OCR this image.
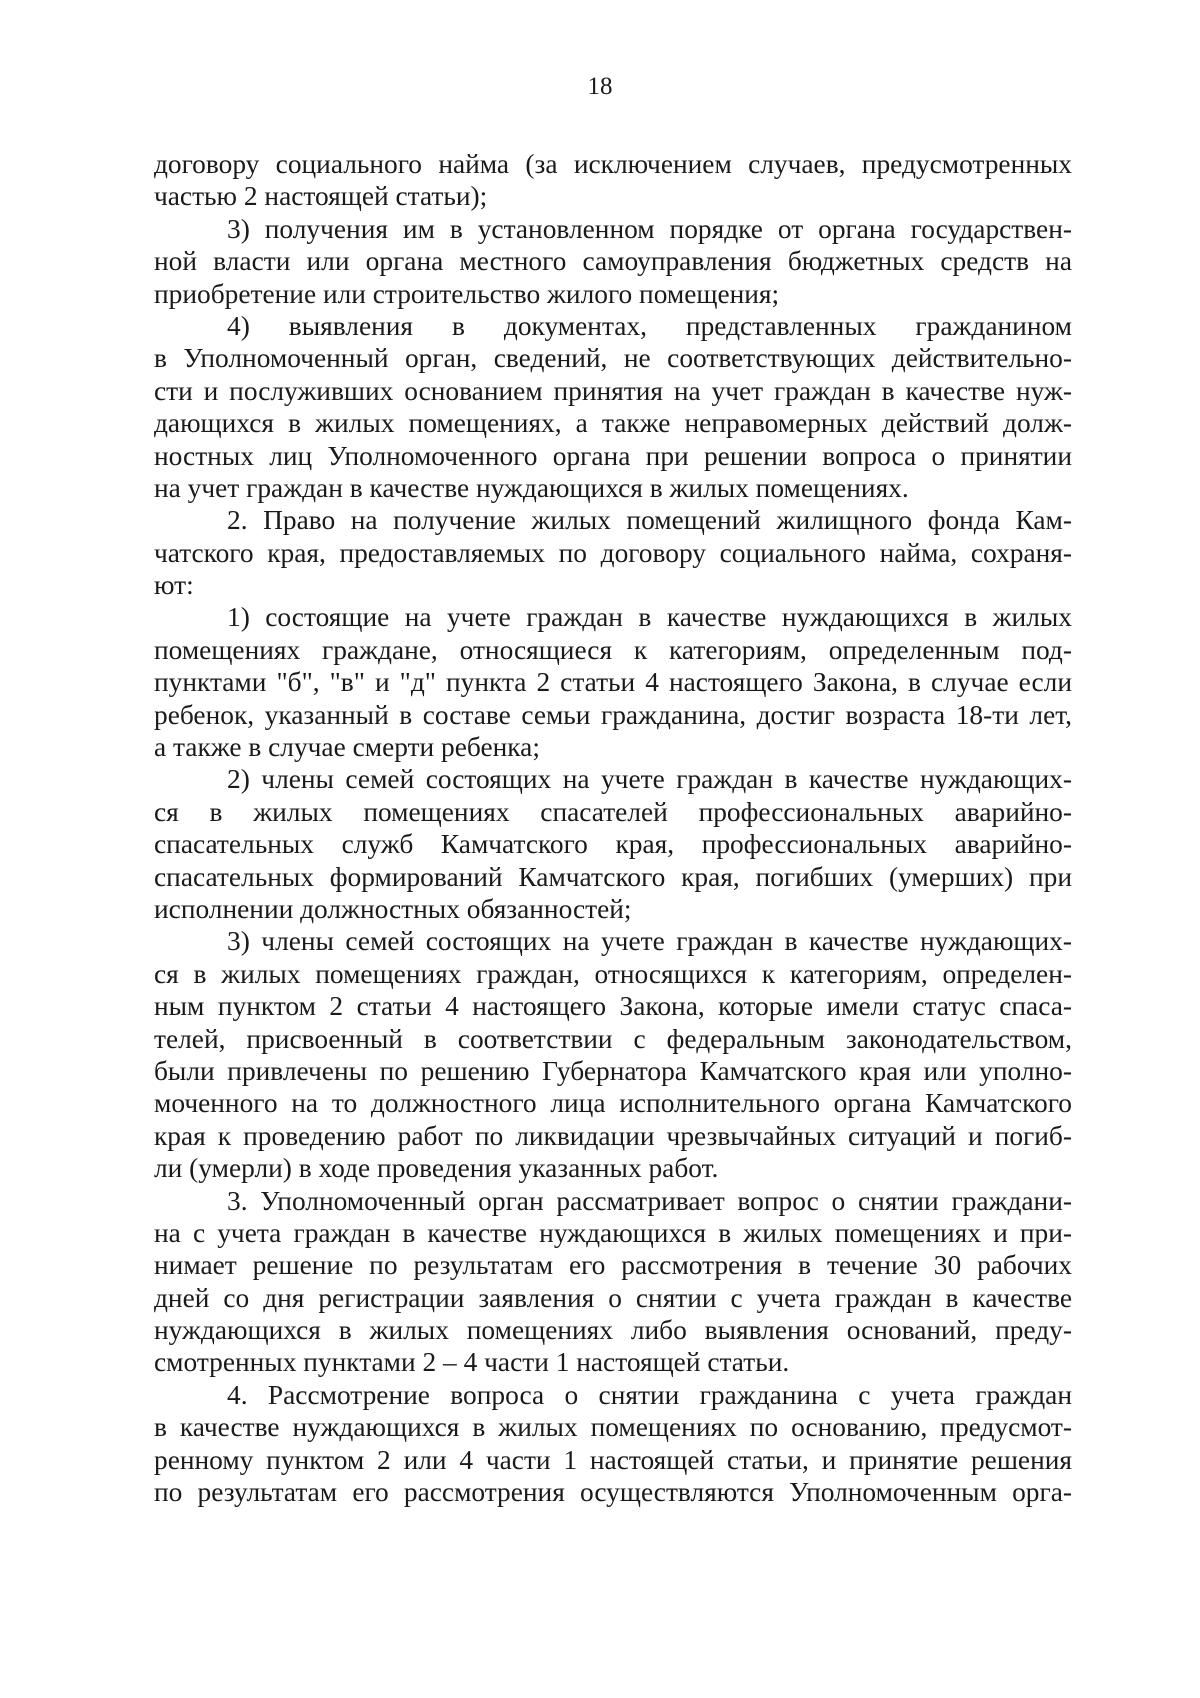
18
договору социального найма (за исключением случаев, предусмотренных
частью 2 настоящей статьи);
3) получения им в установленном порядке от органа государствен-
ной власти или органа местного самоуправления бюджетных средств на
приобретение или строительство жилого помещения;
4) выявления в документах, представленных гражданином
в Уполномоченный орган, сведений, не соответствующих действительно-
сти и послуживших основанием принятия на учет граждан в качестве нуж-
дающихся в жилых помещениях, а также неправомерных действий долж-
ностных лиц Уполномоченного органа при решении вопроса о принятии
на учет граждан в качестве нуждающихся в жилых помещениях.
2. Право на получение жилых помещений жилищного фонда Кам-
чатского края, предоставляемых по договору социального найма, сохраня-
ют:
1) состоящие на учете граждан в качестве нуждающихся в жилых
помещениях граждане, относящиеся к категориям, определенным под-
пунктами "б", "в" и "д" пункта 2 статьи 4 настоящего Закона, в случае если
ребенок, указанный в составе семьи гражданина, достиг возраста 18-ти лет,
а также в случае смерти ребенка;
2) члены семей состоящих на учете граждан в качестве нуждающих-
ся в жилых помещениях спасателей профессиональных аварийно-
спасательных служб Камчатского края, профессиональных аварийно-
спасательных формирований Камчатского края, погибших (умерших) при
исполнении должностных обязанностей;
3) члены семей состоящих на учете граждан в качестве нуждающих-
ся в жилых помещениях граждан, относящихся к категориям, определен-
ным пунктом 2 статьи 4 настоящего Закона, которые имели статус спаса-
телей, присвоенный в соответствии с федеральным законодательством,
были привлечены по решению Губернатора Камчатского края или уполно-
моченного на то должностного лица исполнительного органа Камчатского
края к проведению работ по ликвидации чрезвычайных ситуаций и погиб-
ли (умерли) в ходе проведения указанных работ.
3. Уполномоченный орган рассматривает вопрос о снятии граждани-
на с учета граждан в качестве нуждающихся в жилых помещениях и при-
нимает решение по результатам его рассмотрения в течение 30 рабочих
дней со дня регистрации заявления о снятии с учета граждан в качестве
нуждающихся в жилых помещениях либо выявления оснований, преду-
смотренных пунктами 2 – 4 части 1 настоящей статьи.
4. Рассмотрение вопроса о снятии гражданина с учета граждан
в качестве нуждающихся в жилых помещениях по основанию, предусмот-
ренному пунктом 2 или 4 части 1 настоящей статьи, и принятие решения
по результатам его рассмотрения осуществляются Уполномоченным орга-
